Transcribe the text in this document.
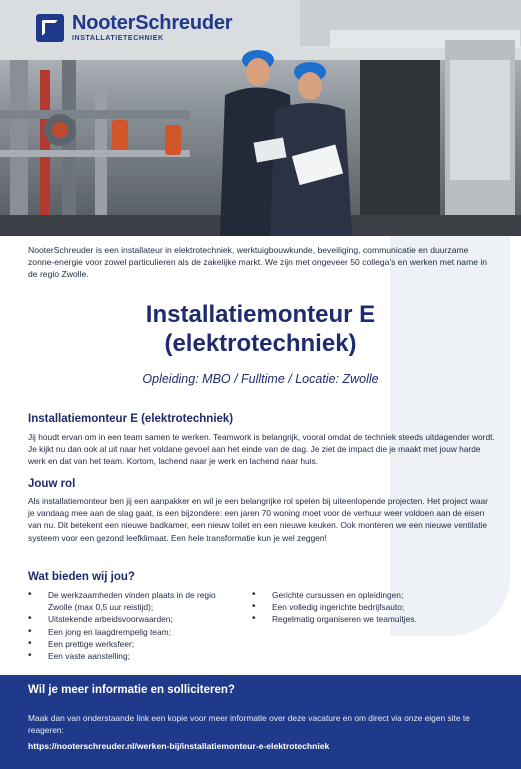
NooterSchreuder
INSTALLATIETECHNIEK

NooterSchreuder is een installateur in elektrotechniek, werktuigbouwkunde, beveiliging, communicatie en duurzame zonne-energie voor zowel particulieren als de zakelijke markt. We zijn met ongeveer 50 collega's en werken met name in de regio Zwolle.

Installatiemonteur E
(elektrotechniek)
Opleiding: MBO / Fulltime / Locatie: Zwolle
Installatiemonteur E (elektrotechniek)

Jij houdt ervan om in een team samen te werken. Teamwork is belangrijk, vooral omdat de techniek steeds uitdagender wordt. Je kijkt nu dan ook al uit naar het voldane gevoel aan het einde van de dag. Je ziet de impact die je maakt met jouw harde werk en dat van het team. Kortom, lachend naar je werk en lachend naar huis.

Jouw rol

Als installatiemonteur ben jij een aanpakker en wil je een belangrijke rol spelen bij uiteenlopende projecten. Het project waar je vandaag mee aan de slag gaat, is een bijzondere: een jaren 70 woning moet voor de verhuur weer voldoen aan de eisen van nu. Dit betekent een nieuwe badkamer, een nieuw toilet en een nieuwe keuken. Ook monteren we een nieuwe ventilatie systeem voor een gezond leefklimaat. Een hele transformatie kun je wel zeggen!

Wat bieden wij jou?
• De werkzaamheden vinden plaats in de regio Zwolle (max 0,5 uur reistijd);
• Uitstekende arbeidsvoorwaarden;
• Een jong en laagdrempelig team;
• Een prettige werksfeer;
• Een vaste aanstelling;
• Gerichte cursussen en opleidingen;
• Een volledig ingerichte bedrijfsauto;
• Regelmatig organiseren we teamuitjes.
Wil je meer informatie en solliciteren?

Maak dan van onderstaande link een kopie voor meer informatie over deze vacature en om direct via onze eigen site te reageren:

https://nooterschreuder.nl/werken-bij/installatiemonteur-e-elektrotechniek
